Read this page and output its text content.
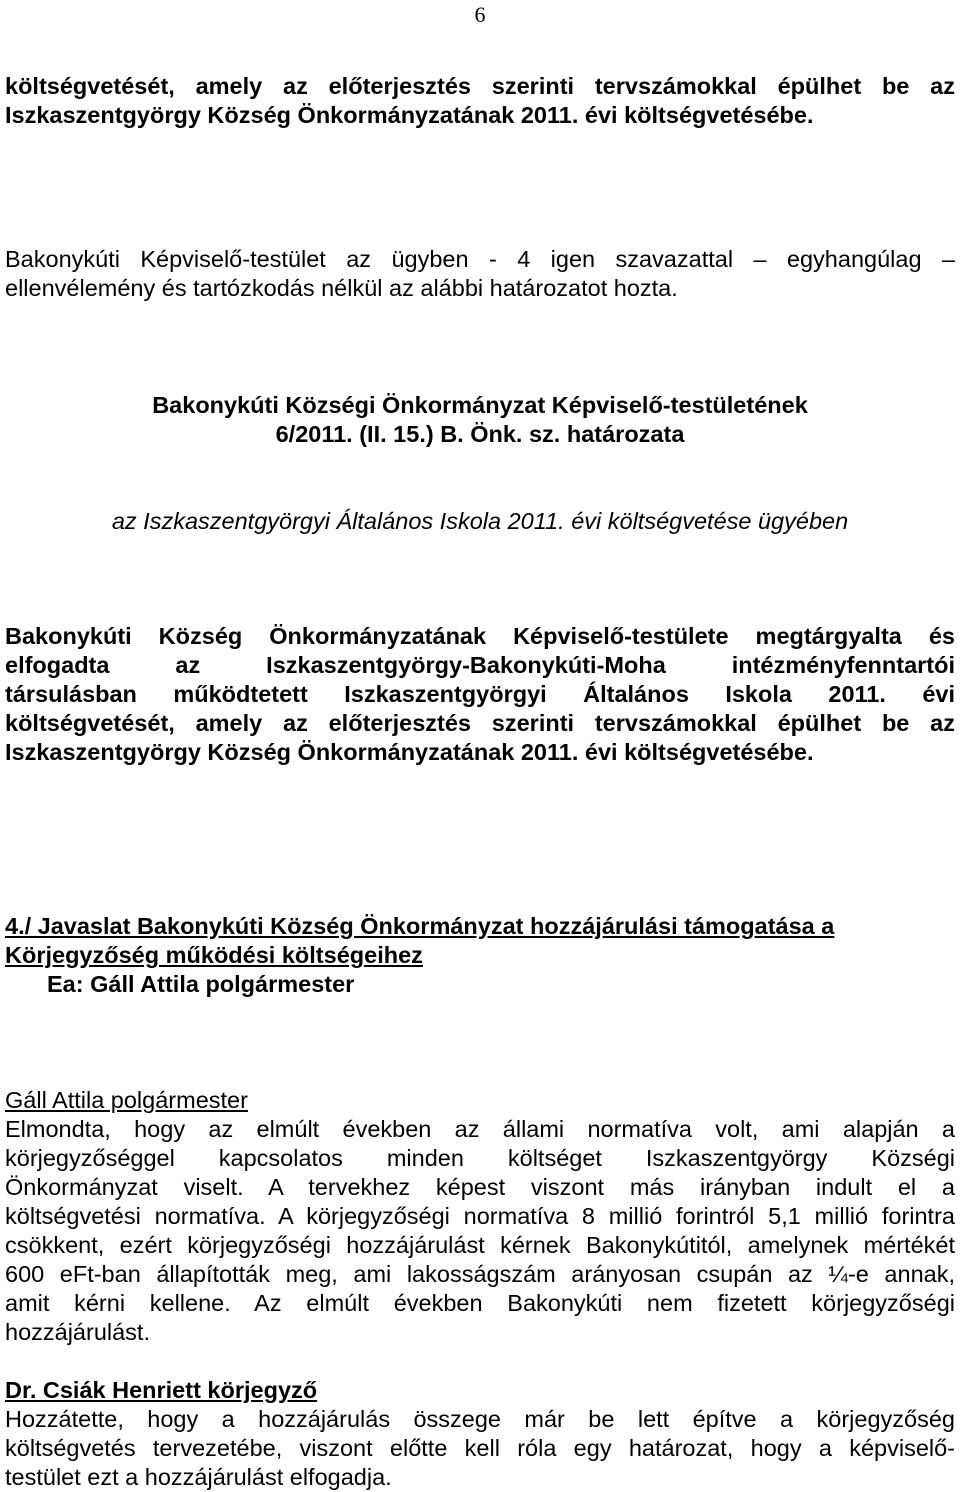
6
költségvetését, amely az előterjesztés szerinti tervszámokkal épülhet be az
Iszkaszentgyörgy Község Önkormányzatának 2011. évi költségvetésébe.
Bakonykúti Képviselő-testület az ügyben - 4 igen szavazattal – egyhangúlag –
ellenvélemény és tartózkodás nélkül az alábbi határozatot hozta.
Bakonykúti Községi Önkormányzat Képviselő-testületének
6/2011. (II. 15.) B. Önk. sz. határozata
az Iszkaszentgyörgyi Általános Iskola 2011. évi költségvetése ügyében
Bakonykúti Község Önkormányzatának Képviselő-testülete megtárgyalta és
elfogadta az Iszkaszentgyörgy-Bakonykúti-Moha intézményfenntartói
társulásban működtetett Iszkaszentgyörgyi Általános Iskola 2011. évi
költségvetését, amely az előterjesztés szerinti tervszámokkal épülhet be az
Iszkaszentgyörgy Község Önkormányzatának 2011. évi költségvetésébe.
4./ Javaslat Bakonykúti Község Önkormányzat hozzájárulási támogatása a
Körjegyzőség működési költségeihez
Ea: Gáll Attila polgármester
Gáll Attila polgármester
Elmondta, hogy az elmúlt években az állami normatíva volt, ami alapján a
körjegyzőséggel kapcsolatos minden költséget Iszkaszentgyörgy Községi
Önkormányzat viselt. A tervekhez képest viszont más irányban indult el a
költségvetési normatíva. A körjegyzőségi normatíva 8 millió forintról 5,1 millió forintra
csökkent, ezért körjegyzőségi hozzájárulást kérnek Bakonykútitól, amelynek mértékét
600 eFt-ban állapították meg, ami lakosságszám arányosan csupán az ¼-e annak,
amit kérni kellene. Az elmúlt években Bakonykúti nem fizetett körjegyzőségi
hozzájárulást.
Dr. Csiák Henriett körjegyző
Hozzátette, hogy a hozzájárulás összege már be lett építve a körjegyzőség
költségvetés tervezetébe, viszont előtte kell róla egy határozat, hogy a képviselő-
testület ezt a hozzájárulást elfogadja.
